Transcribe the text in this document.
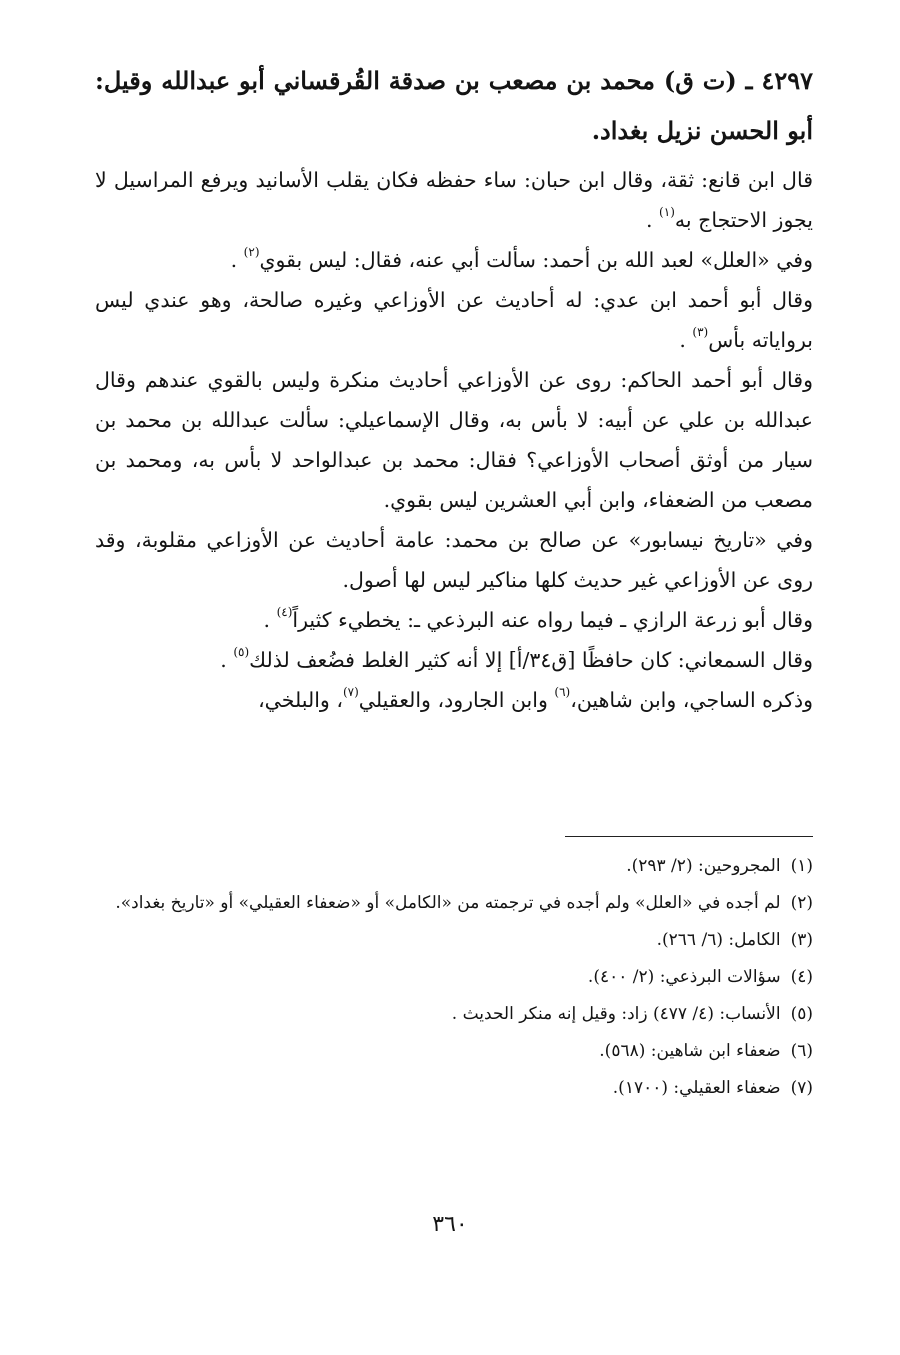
٤٢٩٧ ـ (ت ق) محمد بن مصعب بن صدقة القُرقساني أبو عبدالله وقيل: أبو الحسن نزيل بغداد.

قال ابن قانع: ثقة، وقال ابن حبان: ساء حفظه فكان يقلب الأسانيد ويرفع المراسيل لا يجوز الاحتجاج به$^{(١)}$ .

وفي «العلل» لعبد الله بن أحمد: سألت أبي عنه، فقال: ليس بقوي$^{(٢)}$ .

وقال أبو أحمد ابن عدي: له أحاديث عن الأوزاعي وغيره صالحة، وهو عندي ليس برواياته بأس$^{(٣)}$ .

وقال أبو أحمد الحاكم: روى عن الأوزاعي أحاديث منكرة وليس بالقوي عندهم وقال عبدالله بن علي عن أبيه: لا بأس به، وقال الإسماعيلي: سألت عبدالله بن محمد بن سيار من أوثق أصحاب الأوزاعي؟ فقال: محمد بن عبدالواحد لا بأس به، ومحمد بن مصعب من الضعفاء، وابن أبي العشرين ليس بقوي.

وفي «تاريخ نيسابور» عن صالح بن محمد: عامة أحاديث عن الأوزاعي مقلوبة، وقد روى عن الأوزاعي غير حديث كلها مناكير ليس لها أصول.

وقال أبو زرعة الرازي ـ فيما رواه عنه البرذعي ـ: يخطيء كثيراً$^{(٤)}$ .

وقال السمعاني: كان حافظًا [ق٣٤/أ] إلا أنه كثير الغلط فضُعف لذلك$^{(٥)}$ .

وذكره الساجي، وابن شاهين،$^{(٦)}$ وابن الجارود، والعقيلي$^{(٧)}$، والبلخي،

(١)المجروحين: (٢/ ٢٩٣).

(٢)لم أجده في «العلل» ولم أجده في ترجمته من «الكامل» أو «ضعفاء العقيلي» أو «تاريخ بغداد».

(٣)الكامل: (٦/ ٢٦٦).

(٤)سؤالات البرذعي: (٢/ ٤٠٠).

(٥)الأنساب: (٤/ ٤٧٧) زاد: وقيل إنه منكر الحديث .

(٦)ضعفاء ابن شاهين: (٥٦٨).

(٧)ضعفاء العقيلي: (١٧٠٠).

٣٦٠
